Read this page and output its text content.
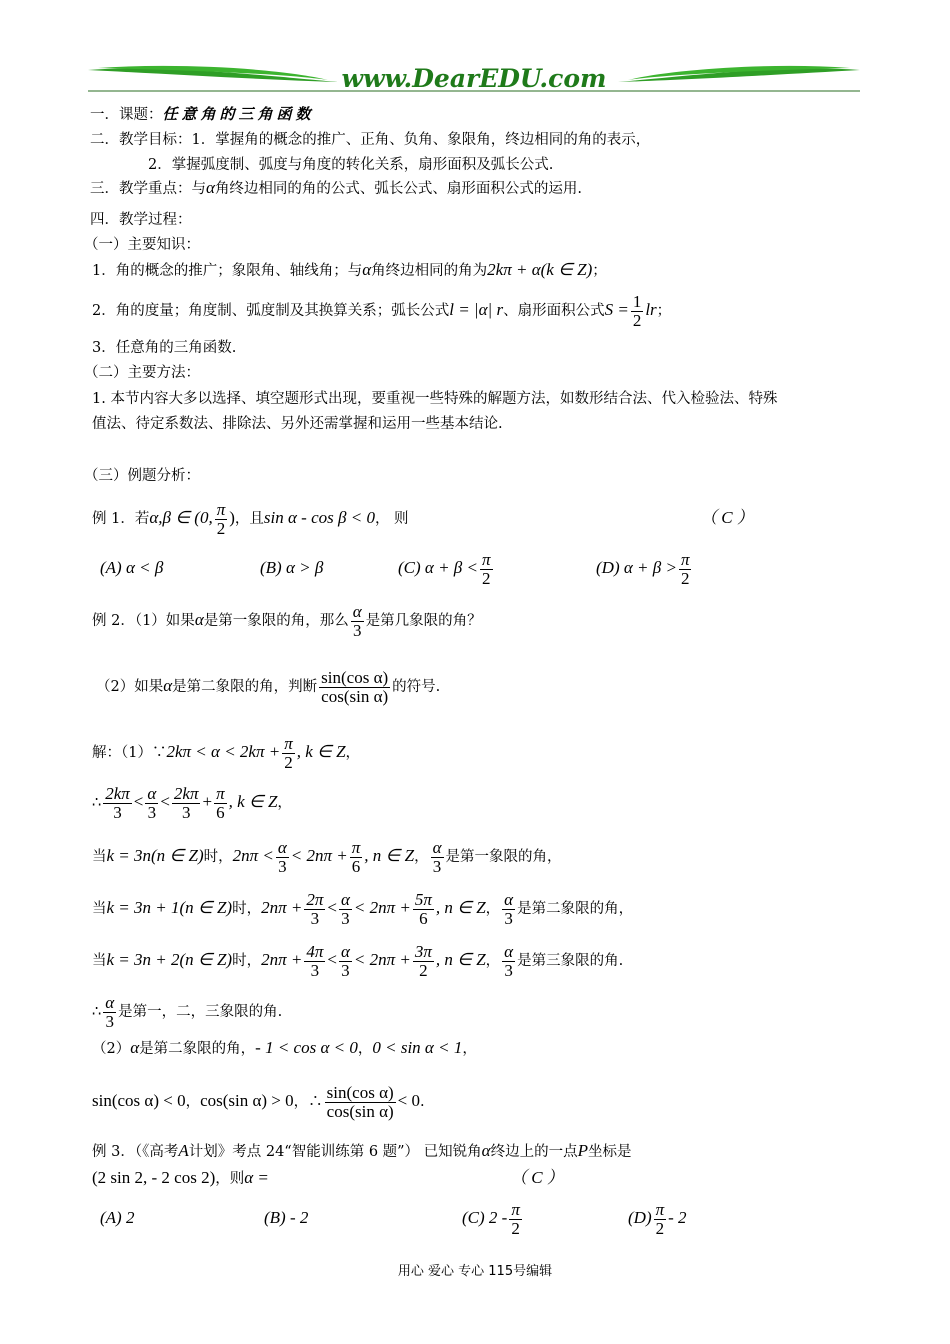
www.DearEDU.com
一．课题：任意角的三角函数
二．教学目标：1．掌握角的概念的推广、正角、负角、象限角，终边相同的角的表示，
2．掌握弧度制、弧度与角度的转化关系，扇形面积及弧长公式.
三．教学重点：与α角终边相同的角的公式、弧长公式、扇形面积公式的运用.
四．教学过程：
（一）主要知识：
1．角的概念的推广；象限角、轴线角；与α角终边相同的角为2kπ + α(k ∈ Z)；
2．角的度量；角度制、弧度制及其换算关系；弧长公式l = |α| r、扇形面积公式$S = \frac{1}{2}$ lr；
3．任意角的三角函数.
（二）主要方法：
1. 本节内容大多以选择、填空题形式出现，要重视一些特殊的解题方法，如数形结合法、代入检验法、特殊
值法、待定系数法、排除法、另外还需掌握和运用一些基本结论.
（三）例题分析：
例 1．若α,β ∈ (0, $\frac{\pi}{2}$ )，且sin α - cos β < 0， 则	（ C ）
(A) α < β	(B) α > β	(C) $\alpha + \beta < \frac{\pi}{2}$	(D) $\alpha + \beta > \frac{\pi}{2}$
例 2．（1）如果α是第一象限的角，那么 $\frac{\alpha}{3}$ 是第几象限的角？
（2）如果α是第二象限的角，判断 $\frac{\text{sin(cos α)}}{\text{cos(sin α)}}$ 的符号.
解：（1）∵2kπ < $\alpha < 2k\pi + \frac{\pi}{2}$ , k ∈ Z，
∴ $\frac{2k\pi}{3} < \frac{\alpha}{3} < \frac{2k\pi}{3} + \frac{\pi}{6}$ , k ∈ Z，
当k = 3n(n ∈ Z)时，$2n\pi < \frac{\alpha}{3} < 2n\pi + \frac{\pi}{6}$ , n ∈ Z， $\frac{\alpha}{3}$ 是第一象限的角，
当k = 3n + 1(n ∈ Z)时，$2n\pi + \frac{2\pi}{3} < \frac{\alpha}{3} < 2n\pi + \frac{5\pi}{6}$ , n ∈ Z， $\frac{\alpha}{3}$ 是第二象限的角，
当k = 3n + 2(n ∈ Z)时，$2n\pi + \frac{4\pi}{3} < \frac{\alpha}{3} < 2n\pi + \frac{3\pi}{2}$ , n ∈ Z， $\frac{\alpha}{3}$ 是第三象限的角.
∴ $\frac{\alpha}{3}$ 是第一，二，三象限的角.
（2）α是第二象限的角，- 1 < cos α < 0，0 < sin α < 1，
sin(cos α) < 0，cos(sin α) > 0，∴ $\frac{\text{sin(cos α)}}{\text{cos(sin α)}} < 0$.
例 3．（《高考A计划》考点 24“智能训练第 6 题”） 已知锐角α终边上的一点P坐标是
(2 sin 2, - 2 cos 2)，则α =	（ C ）
(A) 2	(B) - 2	(C) $2 - \frac{\pi}{2}$	$(D) \frac{\pi}{2} - 2$
用心 爱心 专心 115号编辑
